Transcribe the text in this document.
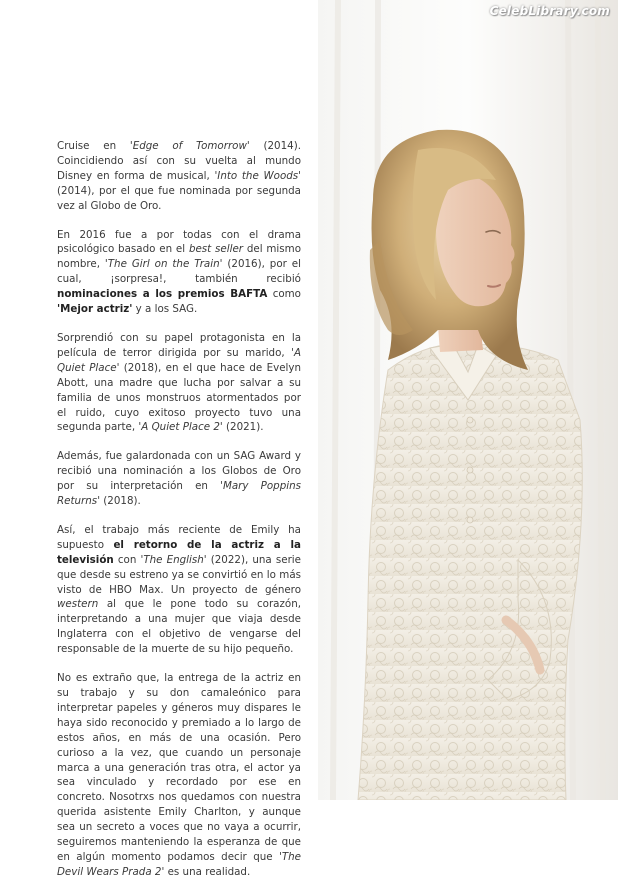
Cruise en 'Edge of Tomorrow' (2014). Coincidiendo así con su vuelta al mundo Disney en forma de musical, 'Into the Woods' (2014), por el que fue nominada por segunda vez al Globo de Oro.

En 2016 fue a por todas con el drama psicológico basado en el best seller del mismo nombre, 'The Girl on the Train' (2016), por el cual, ¡sorpresa!, también recibió nominaciones a los premios BAFTA como 'Mejor actriz' y a los SAG.

Sorprendió con su papel protagonista en la película de terror dirigida por su marido, 'A Quiet Place' (2018), en el que hace de Evelyn Abott, una madre que lucha por salvar a su familia de unos monstruos atormentados por el ruido, cuyo exitoso proyecto tuvo una segunda parte, 'A Quiet Place 2' (2021).

Además, fue galardonada con un SAG Award y recibió una nominación a los Globos de Oro por su interpretación en 'Mary Poppins Returns' (2018).

Así, el trabajo más reciente de Emily ha supuesto el retorno de la actriz a la televisión con 'The English' (2022), una serie que desde su estreno ya se convirtió en lo más visto de HBO Max. Un proyecto de género western al que le pone todo su corazón, interpretando a una mujer que viaja desde Inglaterra con el objetivo de vengarse del responsable de la muerte de su hijo pequeño.

No es extraño que, la entrega de la actriz en su trabajo y su don camaleónico para interpretar papeles y géneros muy dispares le haya sido reconocido y premiado a lo largo de estos años, en más de una ocasión. Pero curioso a la vez, que cuando un personaje marca a una generación tras otra, el actor ya sea vinculado y recordado por ese en concreto. Nosotrxs nos quedamos con nuestra querida asistente Emily Charlton, y aunque sea un secreto a voces que no vaya a ocurrir, seguiremos manteniendo la esperanza de que en algún momento podamos decir que 'The Devil Wears Prada 2' es una realidad.

CelebLibrary.com
